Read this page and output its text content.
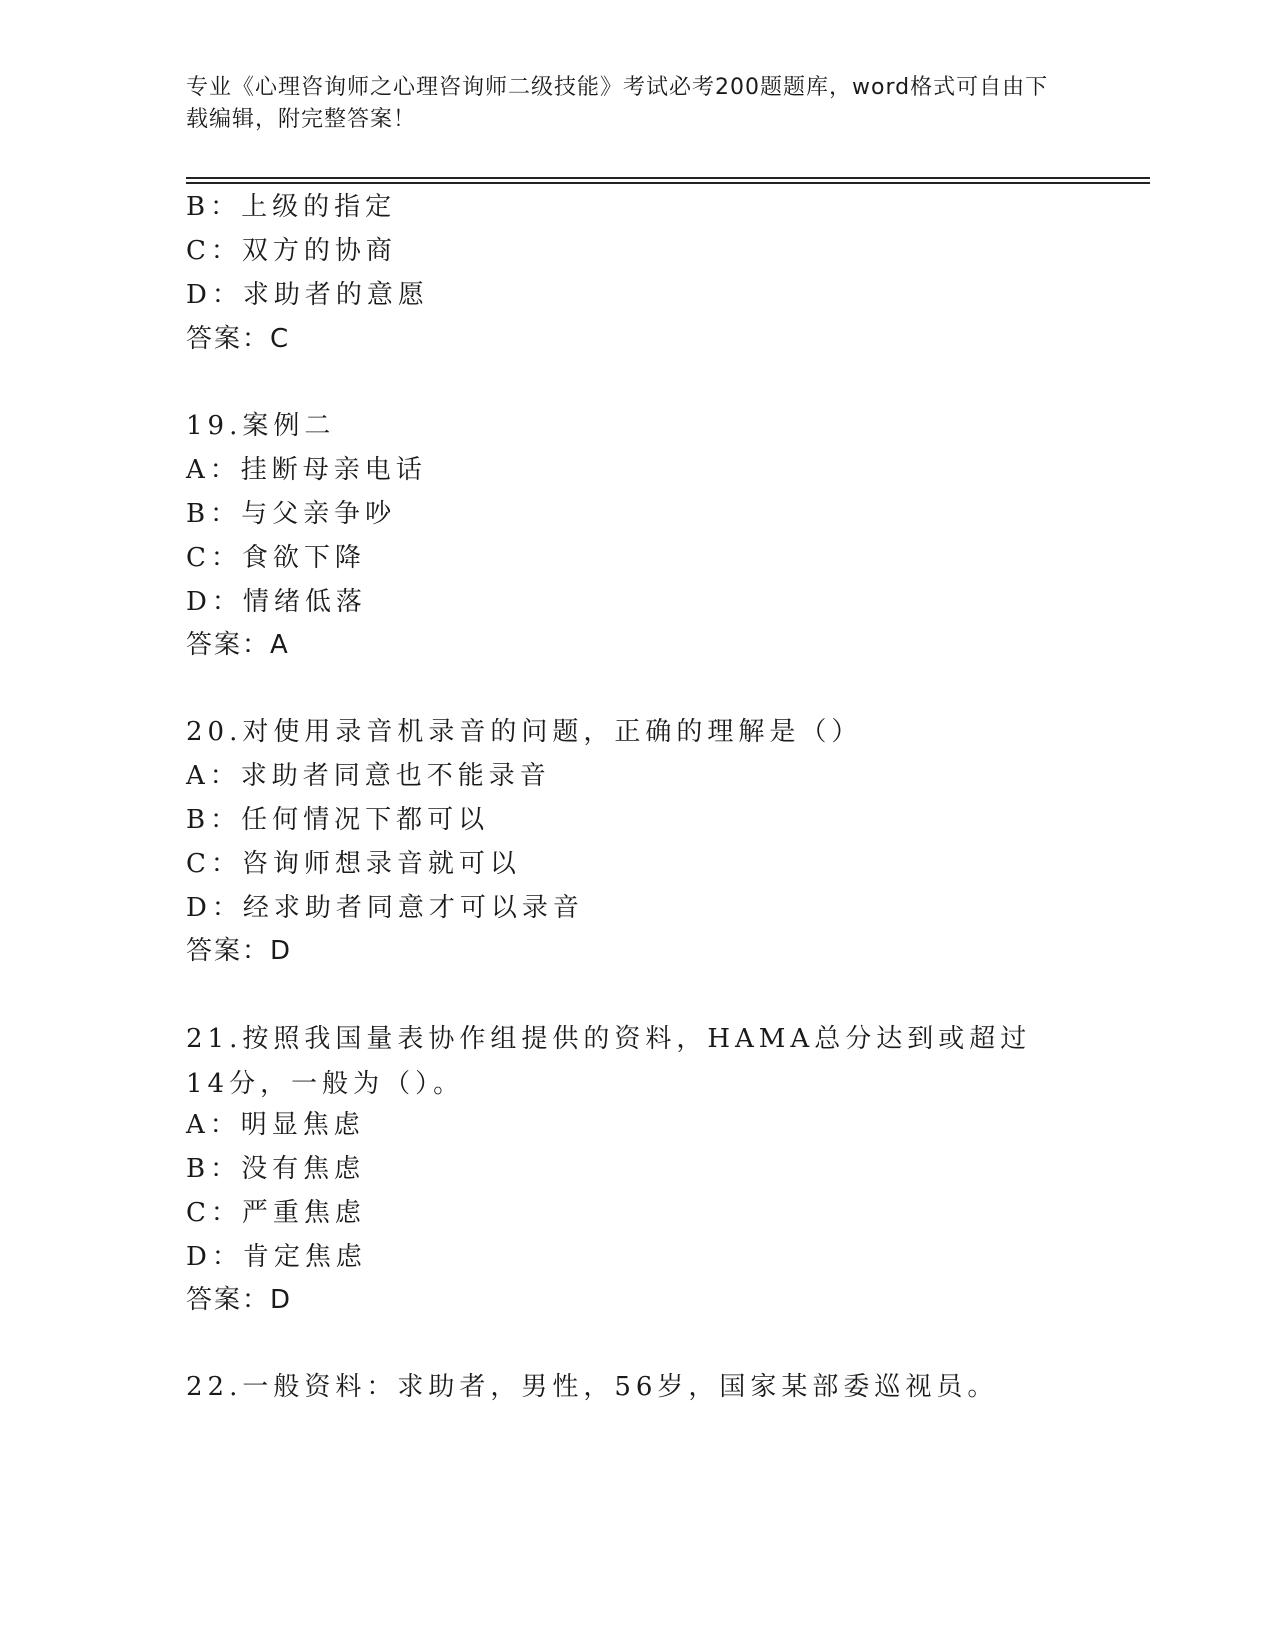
专业《心理咨询师之心理咨询师二级技能》考试必考200题题库，word格式可自由下载编辑，附完整答案！
B：上级的指定
C：双方的协商
D：求助者的意愿
答案：C
19.案例二
A：挂断母亲电话
B：与父亲争吵
C：食欲下降
D：情绪低落
答案：A
20.对使用录音机录音的问题，正确的理解是（）
A：求助者同意也不能录音
B：任何情况下都可以
C：咨询师想录音就可以
D：经求助者同意才可以录音
答案：D
21.按照我国量表协作组提供的资料，HAMA总分达到或超过14分，一般为（）。
A：明显焦虑
B：没有焦虑
C：严重焦虑
D：肯定焦虑
答案：D
22.一般资料：求助者，男性，56岁，国家某部委巡视员。
